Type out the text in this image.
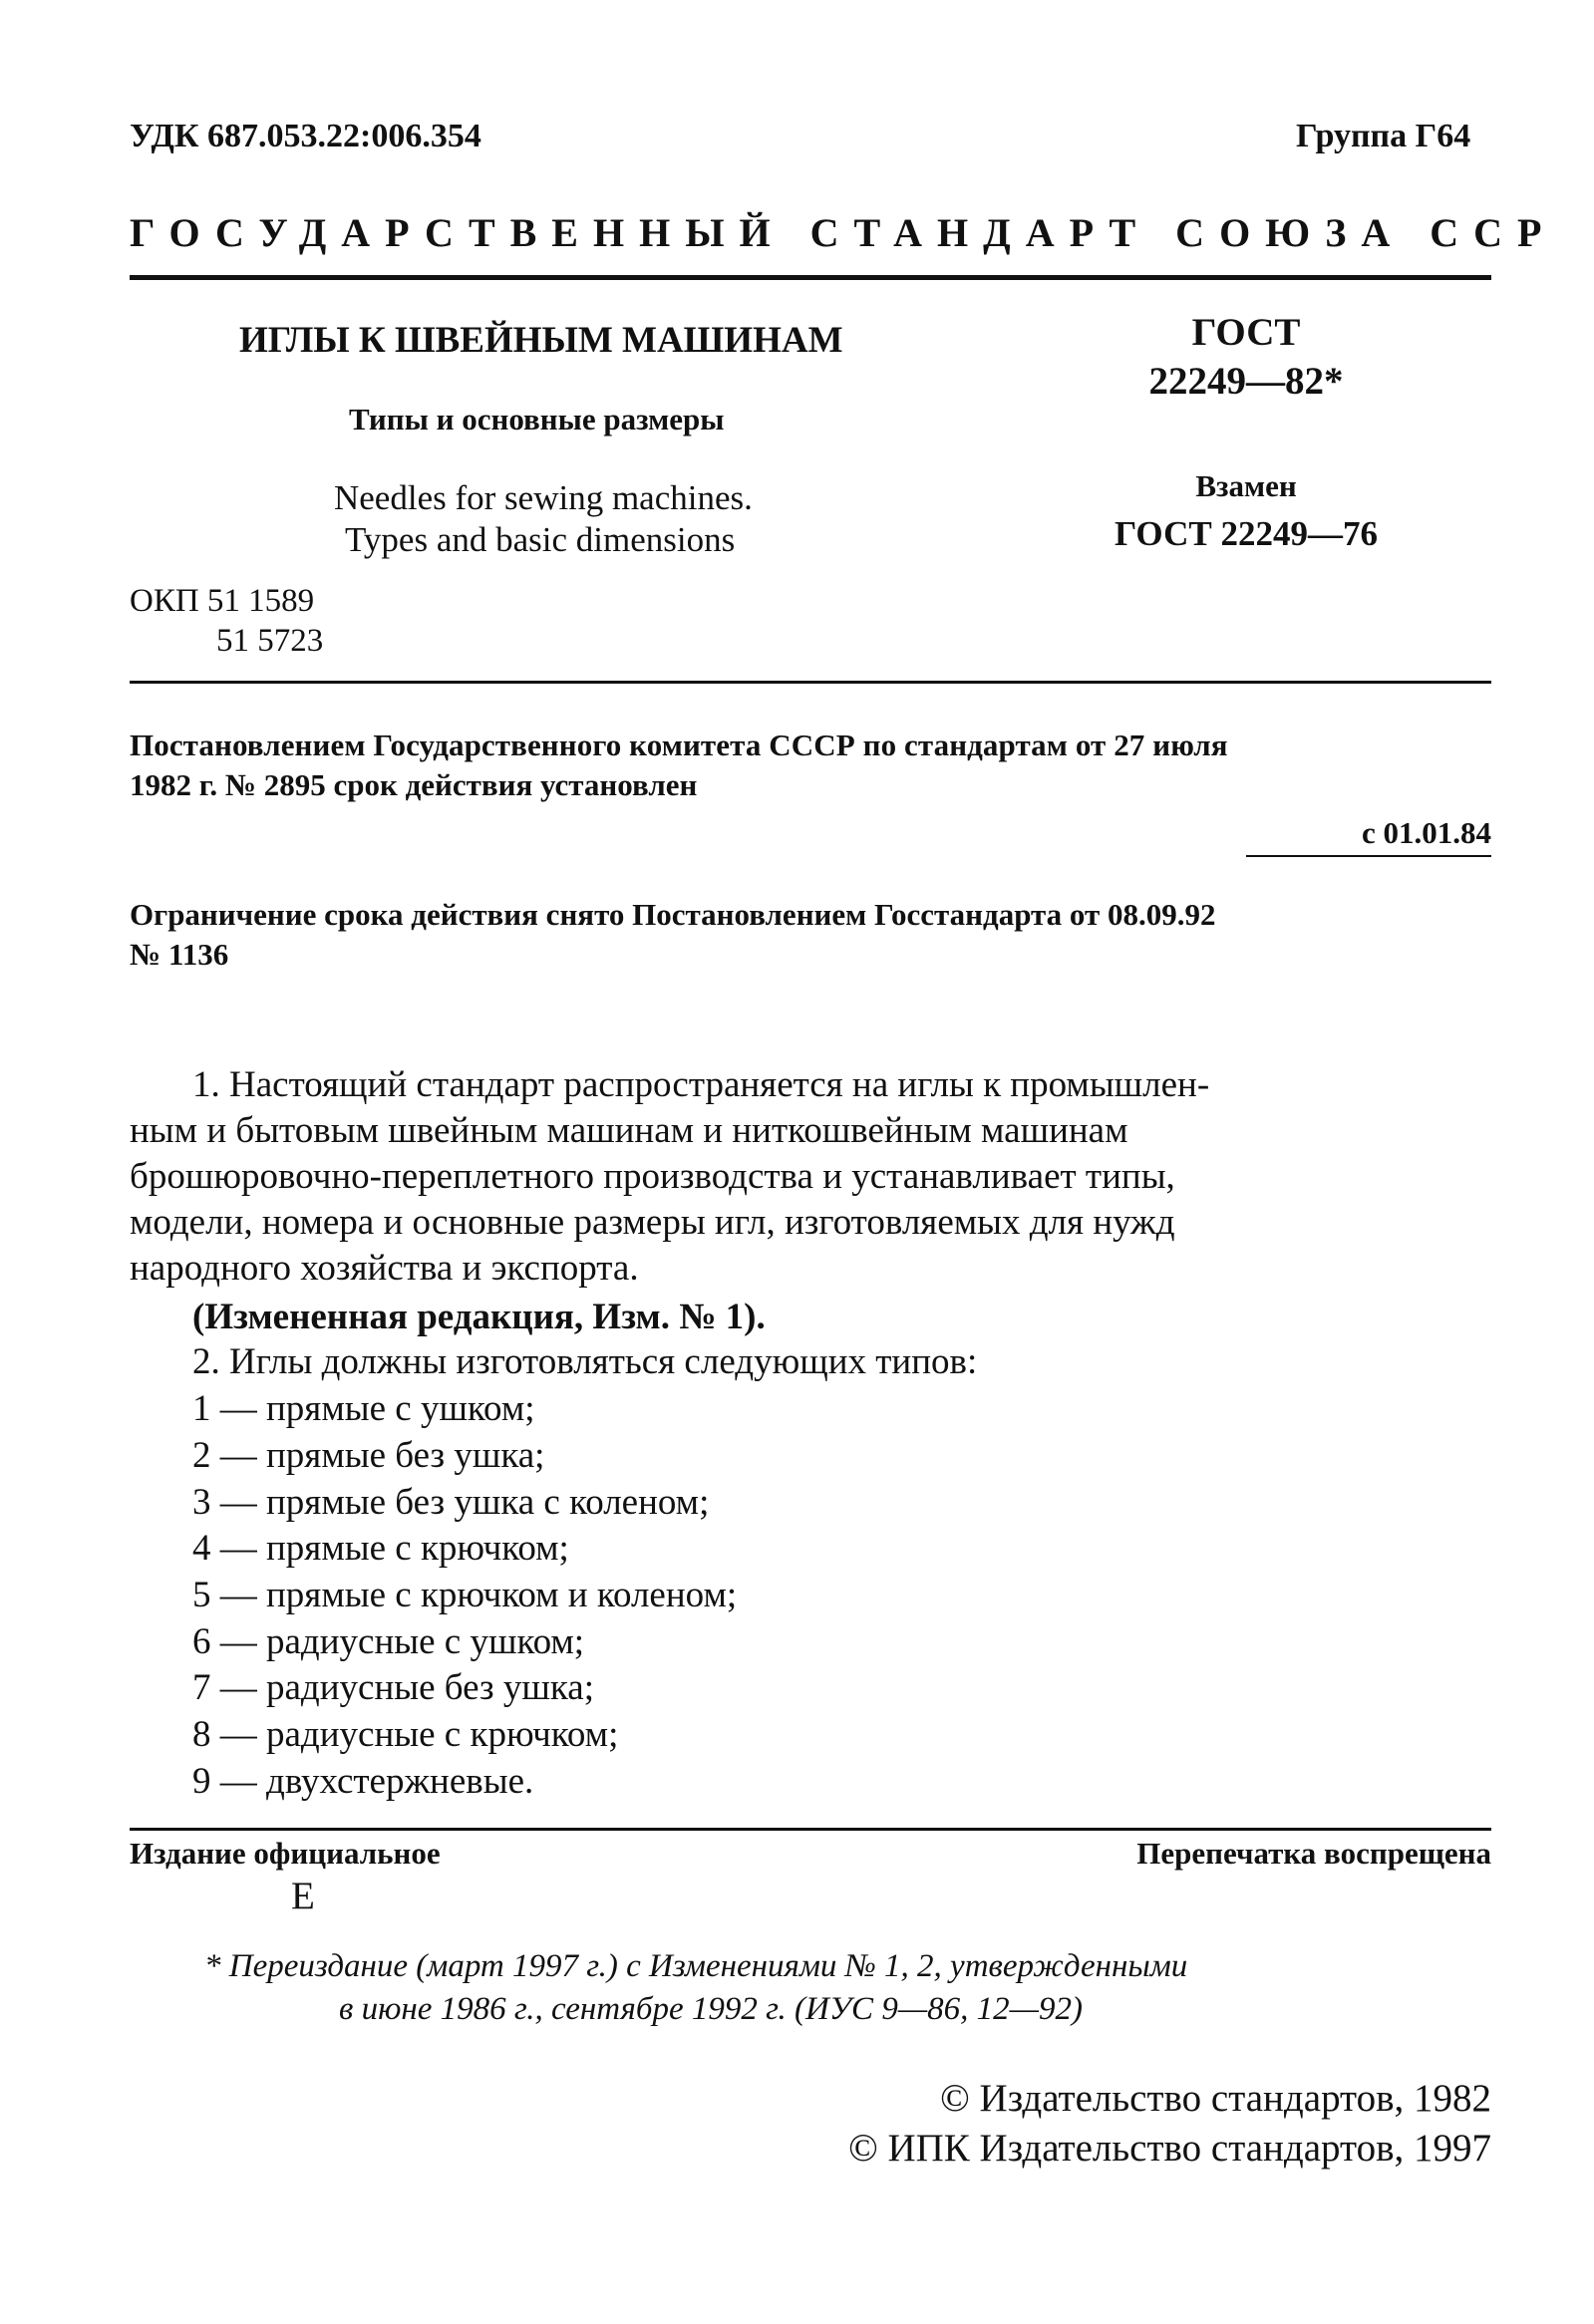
УДК 687.053.22:006.354	Группа Г64
ГОСУДАРСТВЕННЫЙ СТАНДАРТ СОЮЗА ССР
ИГЛЫ К ШВЕЙНЫМ МАШИНАМ
Типы и основные размеры
Needles for sewing machines.
Types and basic dimensions
ОКП 51 1589
51 5723
ГОСТ
22249—82*
Взамен
ГОСТ 22249—76
Постановлением Государственного комитета СССР по стандартам от 27 июля
1982 г. № 2895 срок действия установлен
с 01.01.84
Ограничение срока действия снято Постановлением Госстандарта от 08.09.92
№ 1136
1. Настоящий стандарт распространяется на иглы к промышлен-
ным и бытовым швейным машинам и ниткошвейным машинам
брошюровочно-переплетного производства и устанавливает типы,
модели, номера и основные размеры игл, изготовляемых для нужд
народного хозяйства и экспорта.
(Измененная редакция, Изм. № 1).
2. Иглы должны изготовляться следующих типов:
1 — прямые с ушком;
2 — прямые без ушка;
3 — прямые без ушка с коленом;
4 — прямые с крючком;
5 — прямые с крючком и коленом;
6 — радиусные с ушком;
7 — радиусные без ушка;
8 — радиусные с крючком;
9 — двухстержневые.
Издание официальное	Перепечатка воспрещена
Е
* Переиздание (март 1997 г.) с Изменениями № 1, 2, утвержденными
в июне 1986 г., сентябре 1992 г. (ИУС 9—86, 12—92)
© Издательство стандартов, 1982
© ИПК Издательство стандартов, 1997
